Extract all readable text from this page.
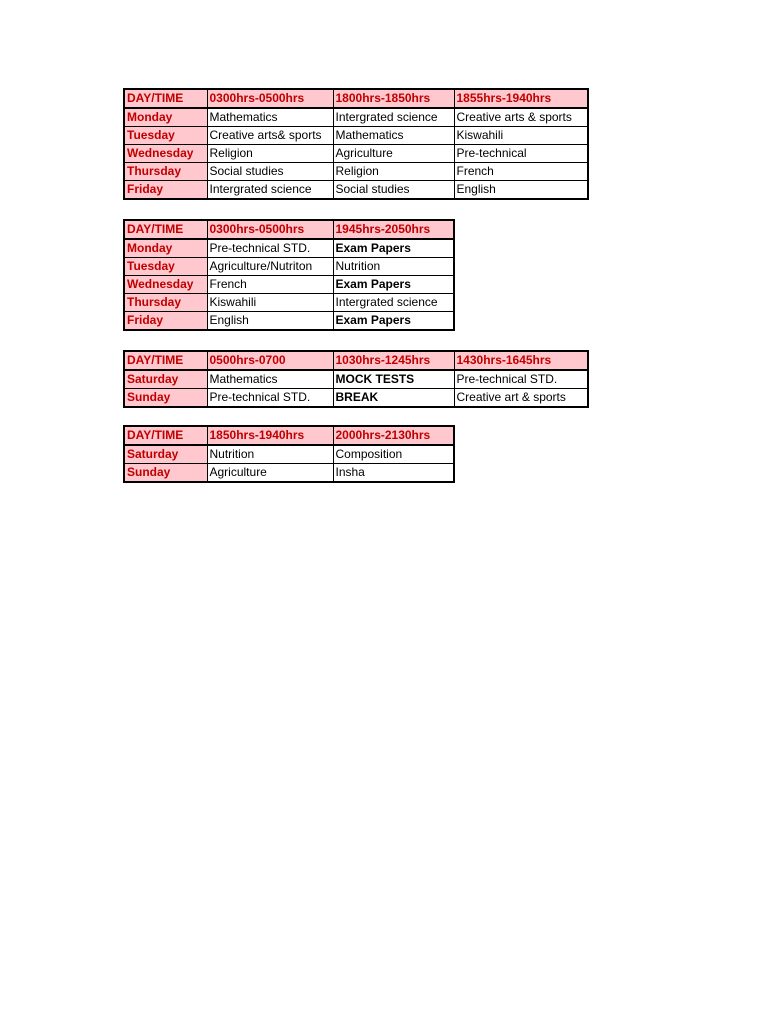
DAY/TIME	0300hrs-0500hrs	1800hrs-1850hrs	1855hrs-1940hrs
Monday	Mathematics	Intergrated science	Creative arts & sports
Tuesday	Creative arts& sports	Mathematics	Kiswahili
Wednesday	Religion	Agriculture	Pre-technical
Thursday	Social studies	Religion	French
Friday	Intergrated science	Social studies	English
DAY/TIME	0300hrs-0500hrs	1945hrs-2050hrs
Monday	Pre-technical STD.	Exam Papers
Tuesday	Agriculture/Nutriton	Nutrition
Wednesday	French	Exam Papers
Thursday	Kiswahili	Intergrated science
Friday	English	Exam Papers
DAY/TIME	0500hrs-0700	1030hrs-1245hrs	1430hrs-1645hrs
Saturday	Mathematics	MOCK TESTS	Pre-technical STD.
Sunday	Pre-technical STD.	BREAK	Creative art & sports
DAY/TIME	1850hrs-1940hrs	2000hrs-2130hrs
Saturday	Nutrition	Composition
Sunday	Agriculture	Insha
